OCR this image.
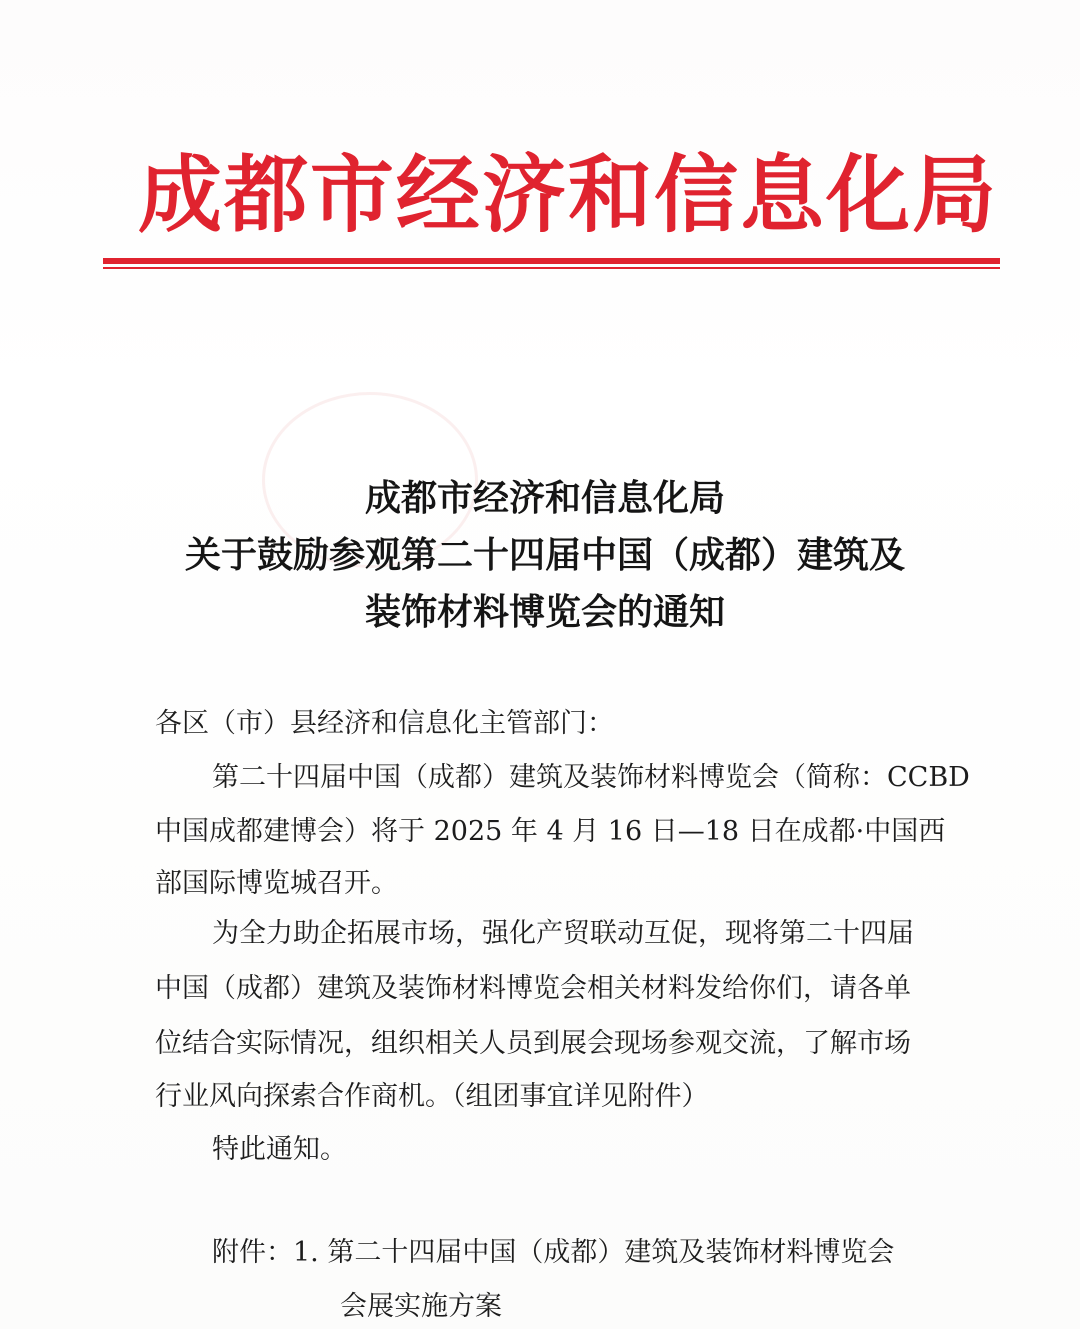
成都市经济和信息化局
成都市经济和信息化局
关于鼓励参观第二十四届中国（成都）建筑及
装饰材料博览会的通知
各区（市）县经济和信息化主管部门：
第二十四届中国（成都）建筑及装饰材料博览会（简称：CCBD
中国成都建博会）将于 2025 年 4 月 16 日—18 日在成都·中国西
部国际博览城召开。
为全力助企拓展市场，强化产贸联动互促，现将第二十四届
中国（成都）建筑及装饰材料博览会相关材料发给你们，请各单
位结合实际情况，组织相关人员到展会现场参观交流，了解市场
行业风向探索合作商机。（组团事宜详见附件）
特此通知。
附件：1. 第二十四届中国（成都）建筑及装饰材料博览会
会展实施方案
